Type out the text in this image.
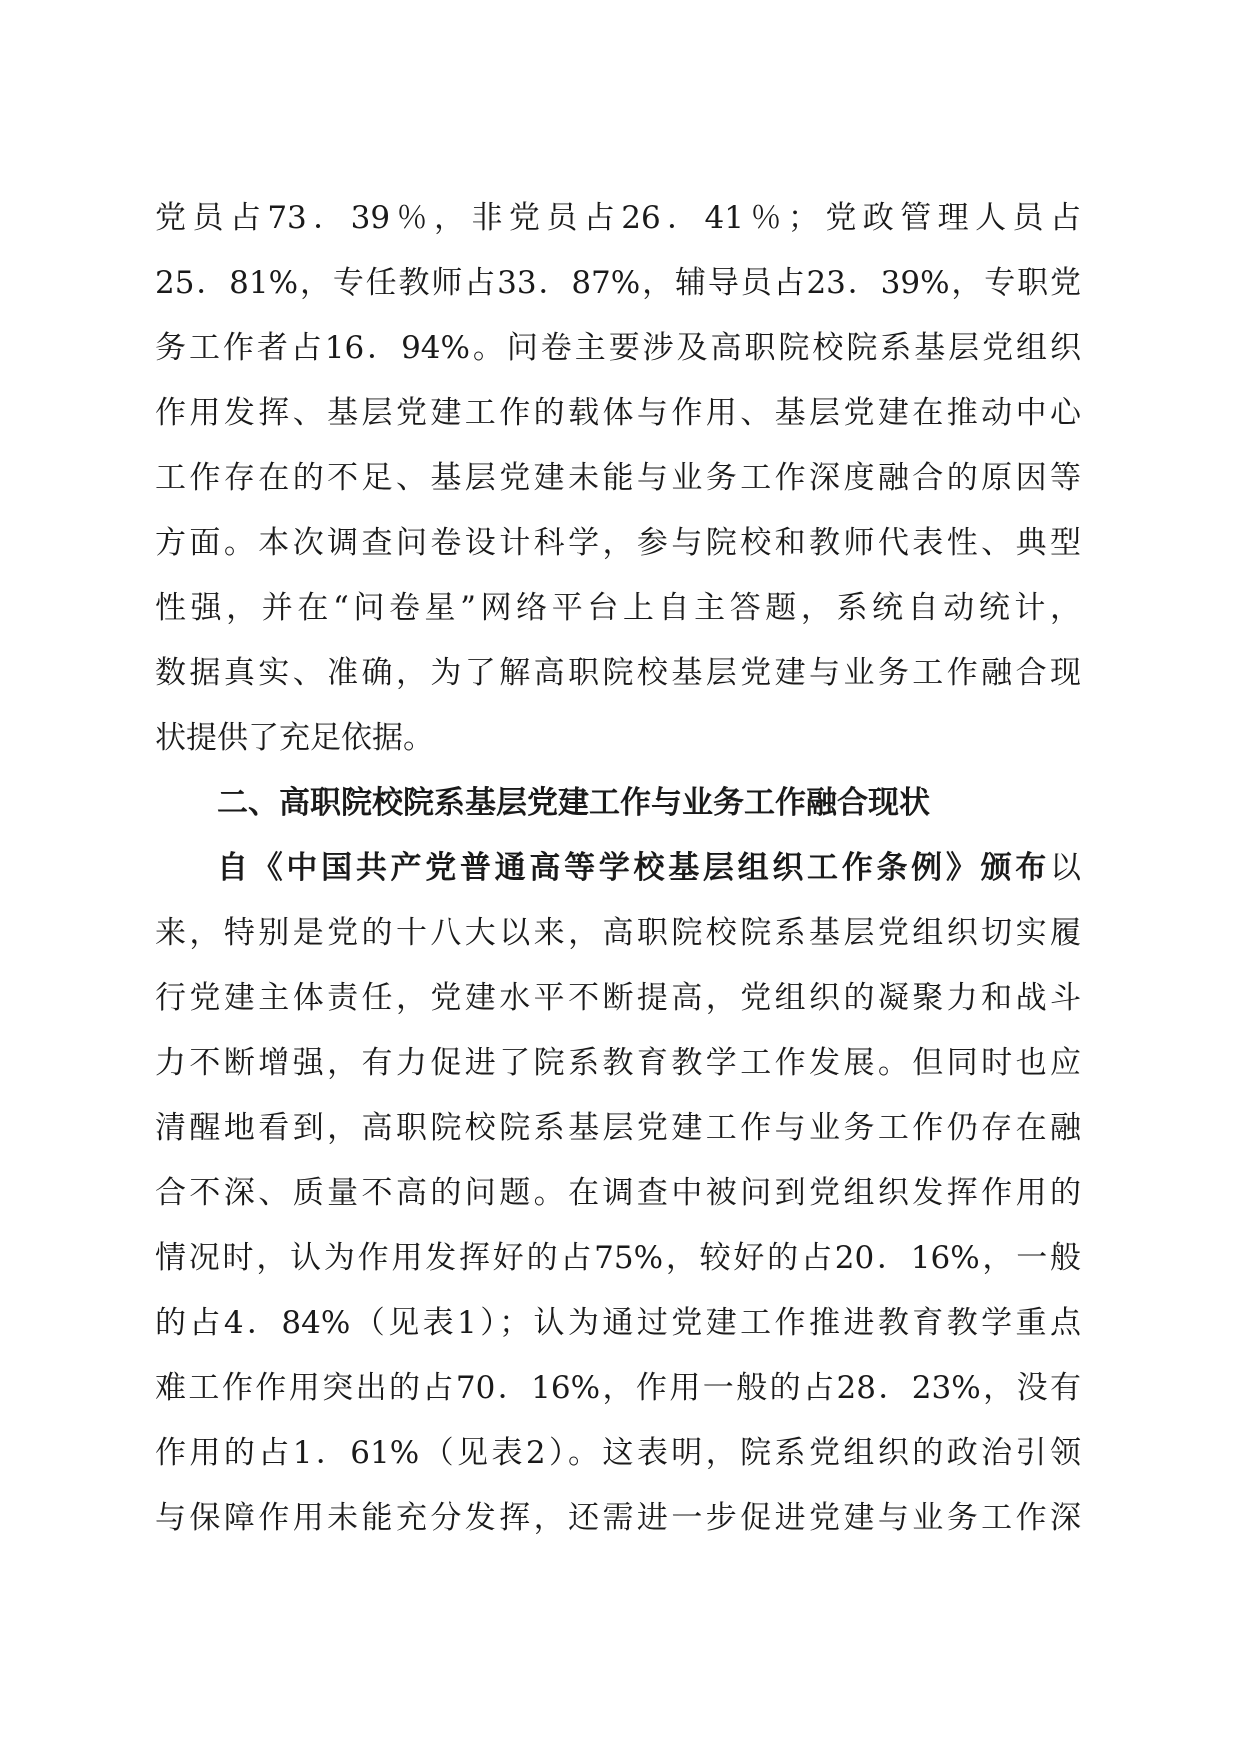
党员占73．39％，非党员占26．41％；党政管理人员占
25．81%，专任教师占33．87%，辅导员占23．39%，专职党
务工作者占16．94%。问卷主要涉及高职院校院系基层党组织
作用发挥、基层党建工作的载体与作用、基层党建在推动中心
工作存在的不足、基层党建未能与业务工作深度融合的原因等
方面。本次调查问卷设计科学，参与院校和教师代表性、典型
性强，并在“问卷星”网络平台上自主答题，系统自动统计，
数据真实、准确，为了解高职院校基层党建与业务工作融合现
状提供了充足依据。
二、高职院校院系基层党建工作与业务工作融合现状
自《中国共产党普通高等学校基层组织工作条例》颁布以
来，特别是党的十八大以来，高职院校院系基层党组织切实履
行党建主体责任，党建水平不断提高，党组织的凝聚力和战斗
力不断增强，有力促进了院系教育教学工作发展。但同时也应
清醒地看到，高职院校院系基层党建工作与业务工作仍存在融
合不深、质量不高的问题。在调查中被问到党组织发挥作用的
情况时，认为作用发挥好的占75%，较好的占20．16%，一般
的占4．84%（见表1）；认为通过党建工作推进教育教学重点
难工作作用突出的占70．16%，作用一般的占28．23%，没有
作用的占1．61%（见表2）。这表明，院系党组织的政治引领
与保障作用未能充分发挥，还需进一步促进党建与业务工作深
